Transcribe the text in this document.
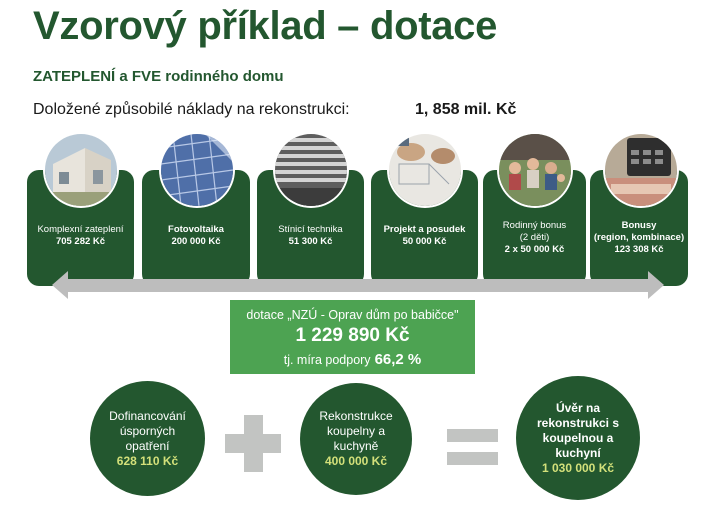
Vzorový příklad – dotace
ZATEPLENÍ a FVE rodinného domu
Doložené způsobilé náklady na rekonstrukci:	1, 858 mil. Kč
Komplexní zateplení
705 282 Kč
Fotovoltaika
200 000 Kč
Stínicí technika
51 300 Kč
Projekt a posudek
50 000 Kč
Rodinný bonus
(2 děti)
2 x 50 000 Kč
Bonusy
(region, kombinace)
123 308 Kč
dotace „NZÚ - Oprav dům po babičce"
1 229 890 Kč
tj. míra podpory 66,2 %
Dofinancování
úsporných
opatření
628 110 Kč
Rekonstrukce
koupelny a
kuchyně
400 000 Kč
Úvěr na
rekonstrukci s
koupelnou a
kuchyní
1 030 000 Kč
